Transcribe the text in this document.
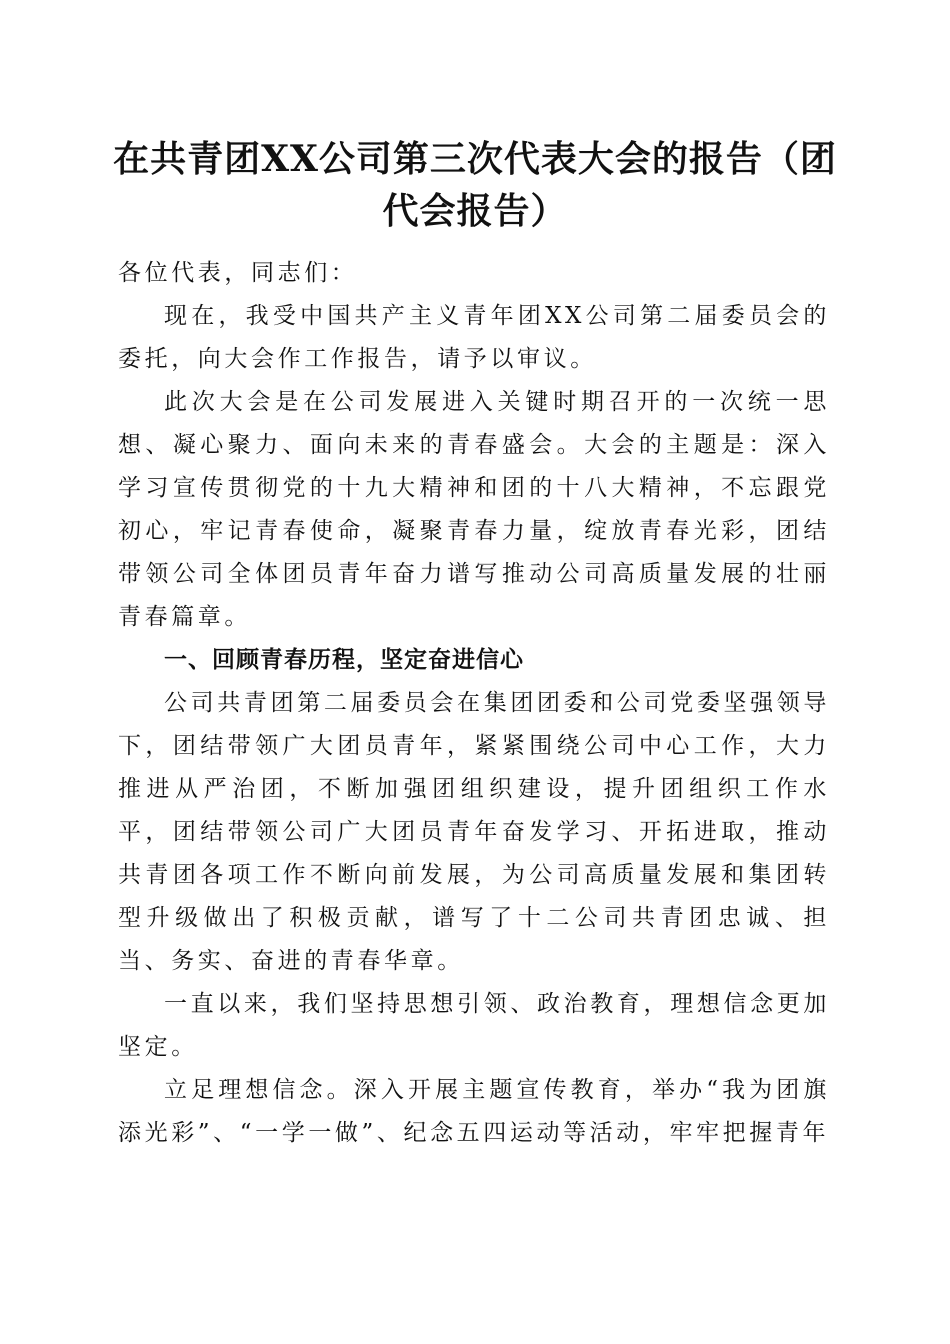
在共青团XX公司第三次代表大会的报告（团代会报告）

各位代表，同志们：

现在，我受中国共产主义青年团XX公司第二届委员会的委托，向大会作工作报告，请予以审议。

此次大会是在公司发展进入关键时期召开的一次统一思想、凝心聚力、面向未来的青春盛会。大会的主题是：深入学习宣传贯彻党的十九大精神和团的十八大精神，不忘跟党初心，牢记青春使命，凝聚青春力量，绽放青春光彩，团结带领公司全体团员青年奋力谱写推动公司高质量发展的壮丽青春篇章。

一、回顾青春历程，坚定奋进信心

公司共青团第二届委员会在集团团委和公司党委坚强领导下，团结带领广大团员青年，紧紧围绕公司中心工作，大力推进从严治团，不断加强团组织建设，提升团组织工作水平，团结带领公司广大团员青年奋发学习、开拓进取，推动共青团各项工作不断向前发展，为公司高质量发展和集团转型升级做出了积极贡献，谱写了十二公司共青团忠诚、担当、务实、奋进的青春华章。

一直以来，我们坚持思想引领、政治教育，理想信念更加坚定。

立足理想信念。深入开展主题宣传教育，举办“我为团旗添光彩”、“一学一做”、纪念五四运动等活动，牢牢把握青年
